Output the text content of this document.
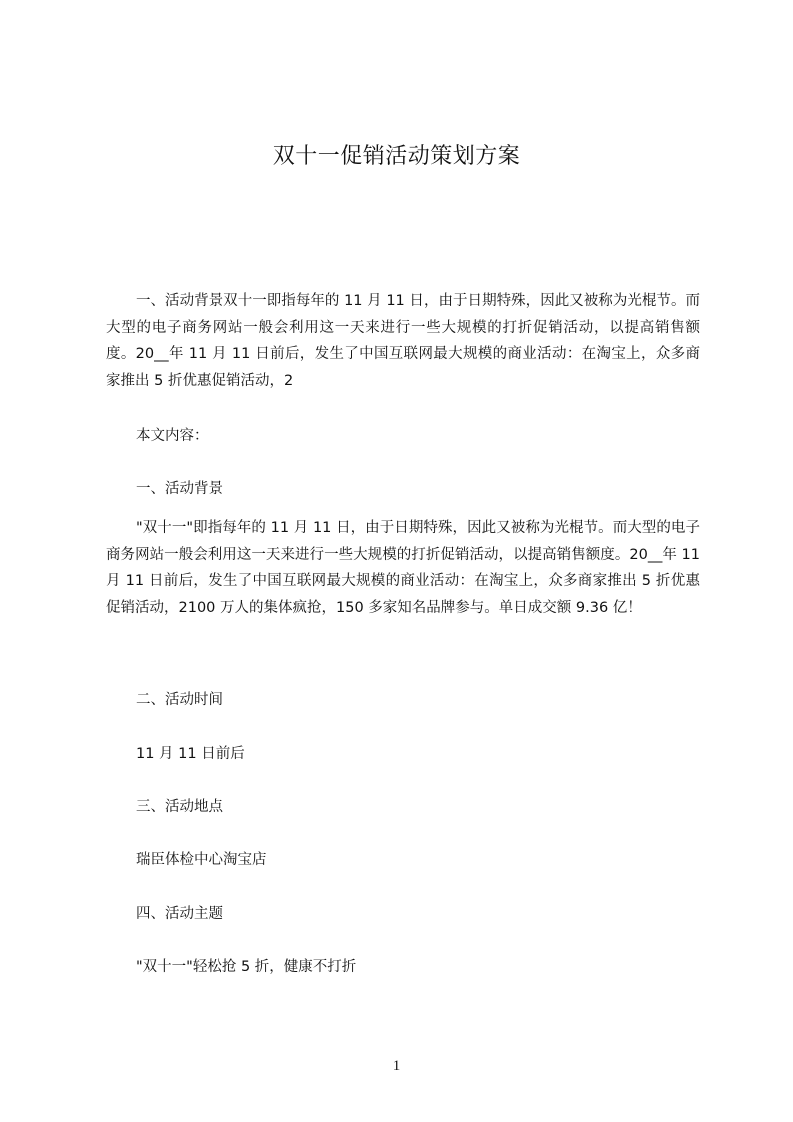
双十一促销活动策划方案

一、活动背景双十一即指每年的 11 月 11 日，由于日期特殊，因此又被称为光棍节。而大型的电子商务网站一般会利用这一天来进行一些大规模的打折促销活动，以提高销售额度。20__年 11 月 11 日前后，发生了中国互联网最大规模的商业活动：在淘宝上，众多商家推出 5 折优惠促销活动，2

本文内容：
一、活动背景

"双十一"即指每年的 11 月 11 日，由于日期特殊，因此又被称为光棍节。而大型的电子商务网站一般会利用这一天来进行一些大规模的打折促销活动，以提高销售额度。20__年 11 月 11 日前后，发生了中国互联网最大规模的商业活动：在淘宝上，众多商家推出 5 折优惠促销活动，2100 万人的集体疯抢，150 多家知名品牌参与。单日成交额 9.36 亿！

二、活动时间
11 月 11 日前后
三、活动地点
瑞臣体检中心淘宝店
四、活动主题
"双十一"轻松抢 5 折，健康不打折
1
